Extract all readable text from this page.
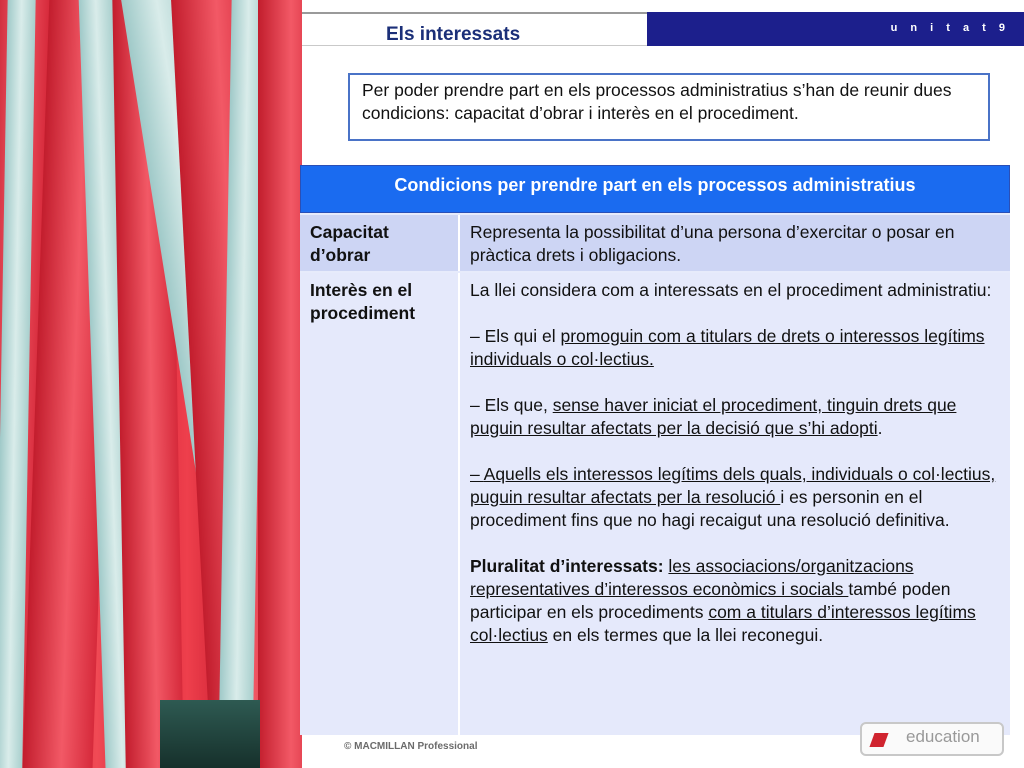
Els interessats	u n i t a t 9
Per poder prendre part en els processos administratius s’han de reunir dues condicions: capacitat d’obrar i interès en el procediment.
Condicions per prendre part en els processos administratius
Capacitat d’obrar
Representa la possibilitat d’una persona d’exercitar o posar en pràctica drets i obligacions.
Interès en el procediment

La llei considera com a interessats en el procediment administratiu:

– Els qui el promoguin com a titulars de drets o interessos legítims individuals o col·lectius.

– Els que, sense haver iniciat el procediment, tinguin drets que puguin resultar afectats per la decisió que s’hi adopti.

– Aquells els interessos legítims dels quals, individuals o col·lectius, puguin resultar afectats per la resolució i es personin en el procediment fins que no hagi recaigut una resolució definitiva.

Pluralitat d’interessats: les associacions/organitzacions representatives d’interessos econòmics i socials també poden participar en els procediments com a titulars d’interessos legítims col·lectius en els termes que la llei reconegui.

© MACMILLAN Professional
education
